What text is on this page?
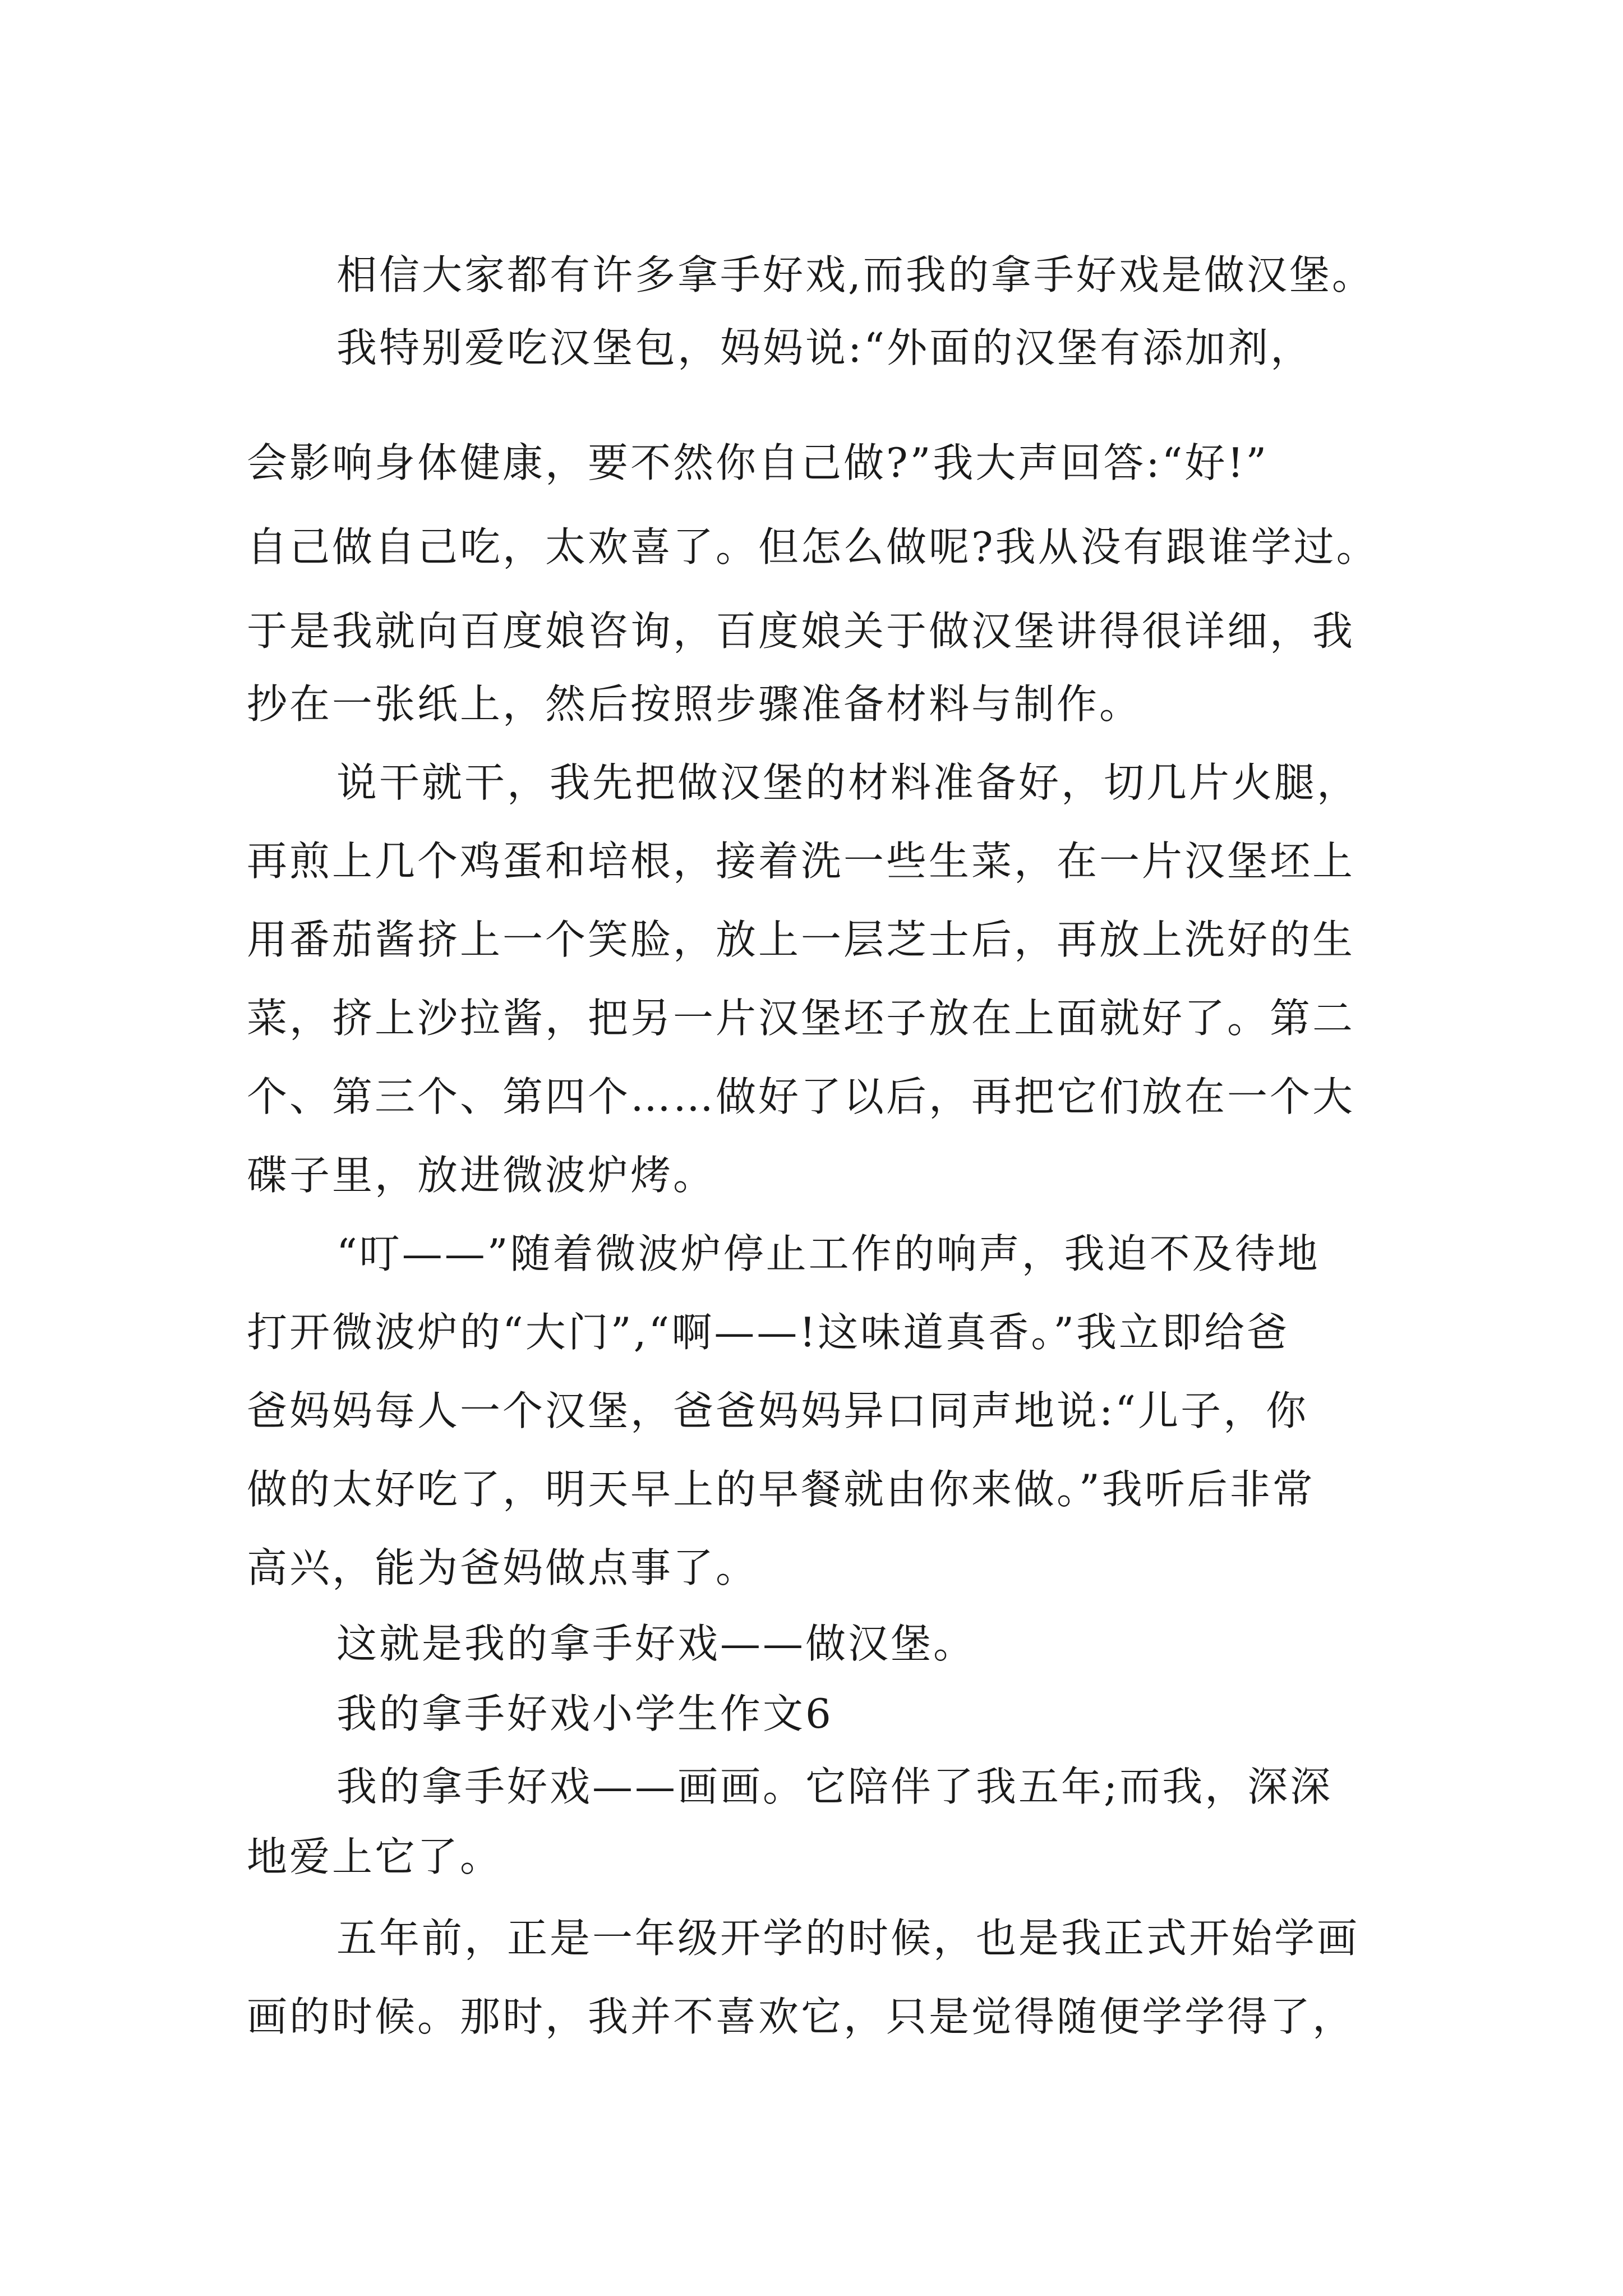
相信大家都有许多拿手好戏,而我的拿手好戏是做汉堡。
我特别爱吃汉堡包，妈妈说:“外面的汉堡有添加剂，
会影响身体健康，要不然你自己做?”我大声回答:“好!”
自己做自己吃，太欢喜了。但怎么做呢?我从没有跟谁学过。
于是我就向百度娘咨询，百度娘关于做汉堡讲得很详细，我
抄在一张纸上，然后按照步骤准备材料与制作。
说干就干，我先把做汉堡的材料准备好，切几片火腿，
再煎上几个鸡蛋和培根，接着洗一些生菜，在一片汉堡坯上
用番茄酱挤上一个笑脸，放上一层芝士后，再放上洗好的生
菜，挤上沙拉酱，把另一片汉堡坯子放在上面就好了。第二
个、第三个、第四个……做好了以后，再把它们放在一个大
碟子里，放进微波炉烤。
“叮——”随着微波炉停止工作的响声，我迫不及待地
打开微波炉的“大门”,“啊——!这味道真香。”我立即给爸
爸妈妈每人一个汉堡，爸爸妈妈异口同声地说:“儿子，你
做的太好吃了，明天早上的早餐就由你来做。”我听后非常
高兴，能为爸妈做点事了。
这就是我的拿手好戏——做汉堡。
我的拿手好戏小学生作文6
我的拿手好戏——画画。它陪伴了我五年;而我，深深
地爱上它了。
五年前，正是一年级开学的时候，也是我正式开始学画
画的时候。那时，我并不喜欢它，只是觉得随便学学得了，
